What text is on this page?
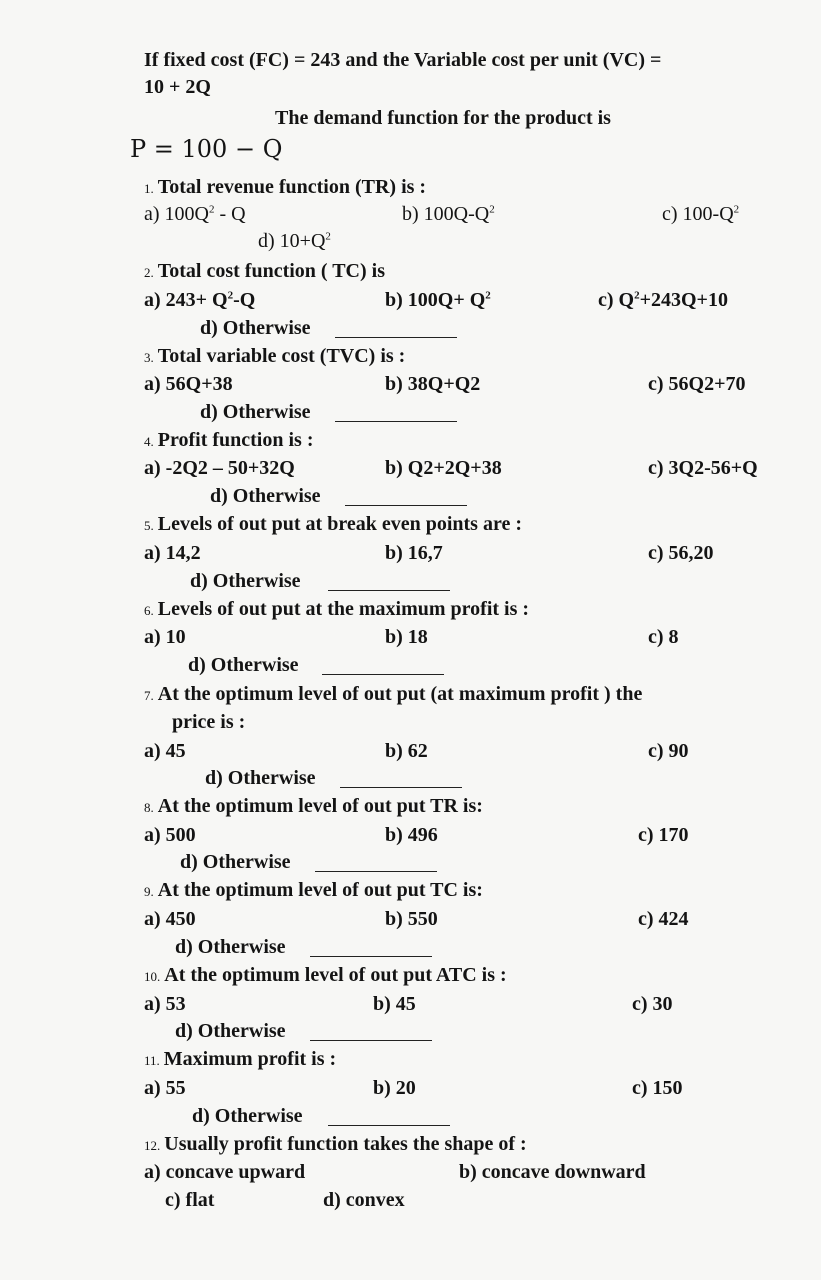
If fixed cost (FC) = 243 and the Variable cost per unit (VC) =
10 + 2Q
The demand function for the product is
P = 100 − Q
1. Total revenue function (TR) is :
a) $100Q^2$ - Q	b) $100Q-Q^2$	c) $100-Q^2$
d) $10+Q^2$
2. Total cost function ( TC) is
a) $243+ Q^2-Q$	b) $100Q+ Q^2$	c) $Q^2+243Q+10$
d) Otherwise
3. Total variable cost (TVC) is :
a) 56Q+38	b) 38Q+Q2	c) 56Q2+70
d) Otherwise
4. Profit function is :
a) -2Q2 – 50+32Q	b) Q2+2Q+38	c) 3Q2-56+Q
d) Otherwise
5. Levels of out put at break even points are :
a) 14,2	b) 16,7	c) 56,20
d) Otherwise
6. Levels of out put at the maximum profit is :
a) 10	b) 18	c) 8
d) Otherwise
7. At the optimum level of out put (at maximum profit ) the
price is :
a) 45	b) 62	c) 90
d) Otherwise
8. At the optimum level of out put TR is:
a) 500	b) 496	c) 170
d) Otherwise
9. At the optimum level of out put TC is:
a) 450	b) 550	c) 424
d) Otherwise
10. At the optimum level of out put ATC is :
a) 53	b) 45	c) 30
d) Otherwise
11. Maximum profit is :
a) 55	b) 20	c) 150
d) Otherwise
12. Usually profit function takes the shape of :
a) concave upward	b) concave downward
c) flat	d) convex
